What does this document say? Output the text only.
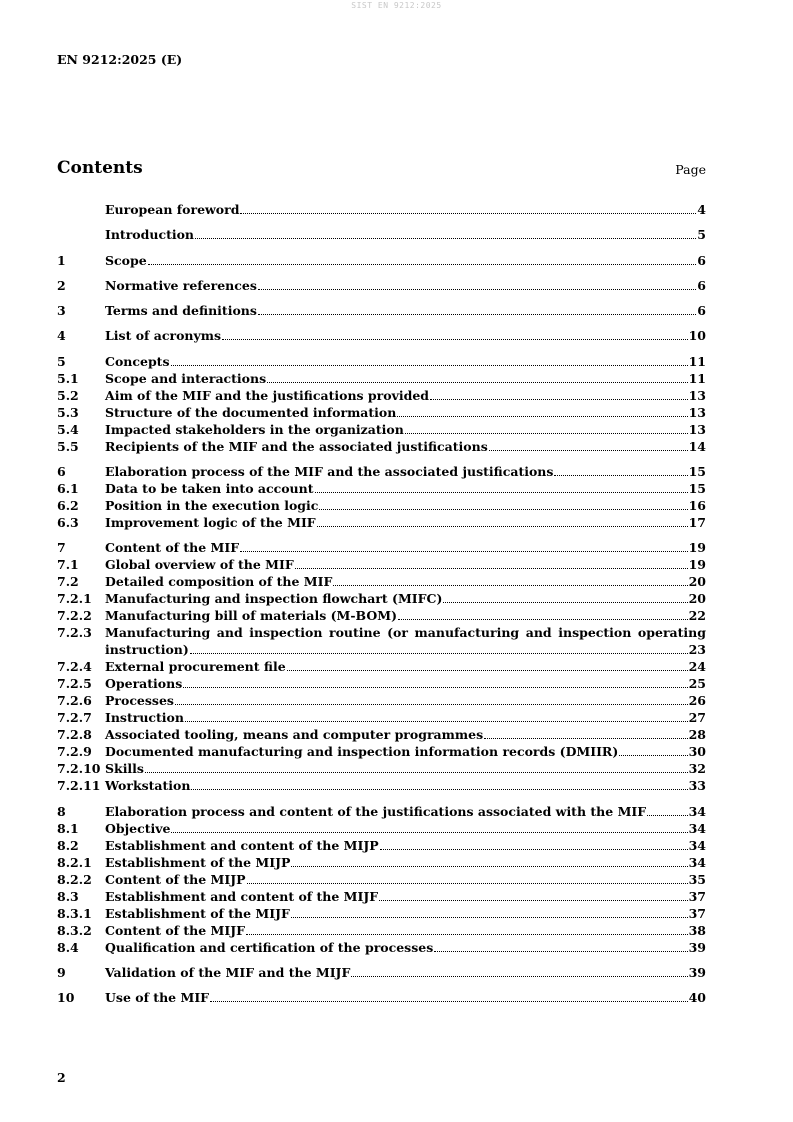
SIST EN 9212:2025
EN 9212:2025 (E)
Contents	Page
European foreword	4
Introduction	5
1	Scope	6
2	Normative references	6
3	Terms and definitions	6
4	List of acronyms	10
5	Concepts	11
5.1	Scope and interactions	11
5.2	Aim of the MIF and the justifications provided	13
5.3	Structure of the documented information	13
5.4	Impacted stakeholders in the organization	13
5.5	Recipients of the MIF and the associated justifications	14
6	Elaboration process of the MIF and the associated justifications	15
6.1	Data to be taken into account	15
6.2	Position in the execution logic	16
6.3	Improvement logic of the MIF	17
7	Content of the MIF	19
7.1	Global overview of the MIF	19
7.2	Detailed composition of the MIF	20
7.2.1	Manufacturing and inspection flowchart (MIFC)	20
7.2.2	Manufacturing bill of materials (M-BOM)	22
7.2.3	Manufacturing and inspection routine (or manufacturing and inspection operating
instruction)	23
7.2.4	External procurement file	24
7.2.5	Operations	25
7.2.6	Processes	26
7.2.7	Instruction	27
7.2.8	Associated tooling, means and computer programmes	28
7.2.9	Documented manufacturing and inspection information records (DMIIR)	30
7.2.10 Skills	32
7.2.11 Workstation	33
8	Elaboration process and content of the justifications associated with the MIF	34
8.1	Objective	34
8.2	Establishment and content of the MIJP	34
8.2.1	Establishment of the MIJP	34
8.2.2	Content of the MIJP	35
8.3	Establishment and content of the MIJF	37
8.3.1	Establishment of the MIJF	37
8.3.2	Content of the MIJF	38
8.4	Qualification and certification of the processes	39
9	Validation of the MIF and the MIJF	39
10	Use of the MIF	40
2
